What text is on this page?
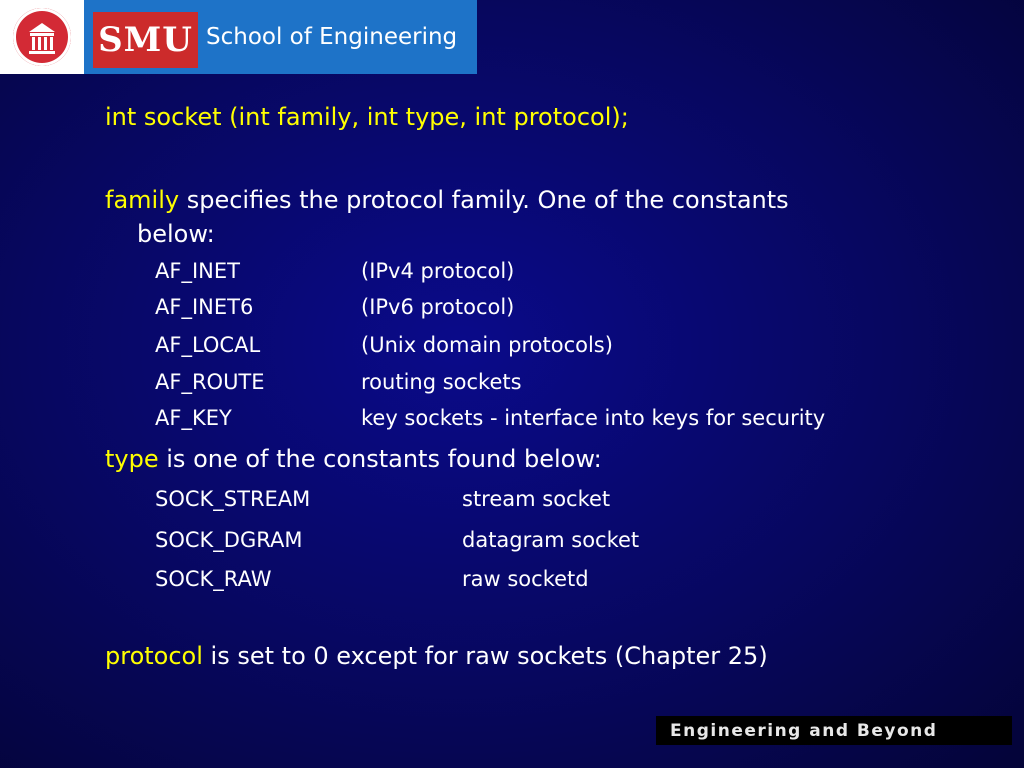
SMU School of Engineering
int socket (int family, int type, int protocol);
family specifies the protocol family. One of the constants
below:
AF_INET	(IPv4 protocol)
AF_INET6	(IPv6 protocol)
AF_LOCAL	(Unix domain protocols)
AF_ROUTE	routing sockets
AF_KEY	key sockets - interface into keys for security
type is one of the constants found below:
SOCK_STREAM	stream socket
SOCK_DGRAM	datagram socket
SOCK_RAW	raw socketd
protocol is set to 0 except for raw sockets (Chapter 25)
Engineering and Beyond
